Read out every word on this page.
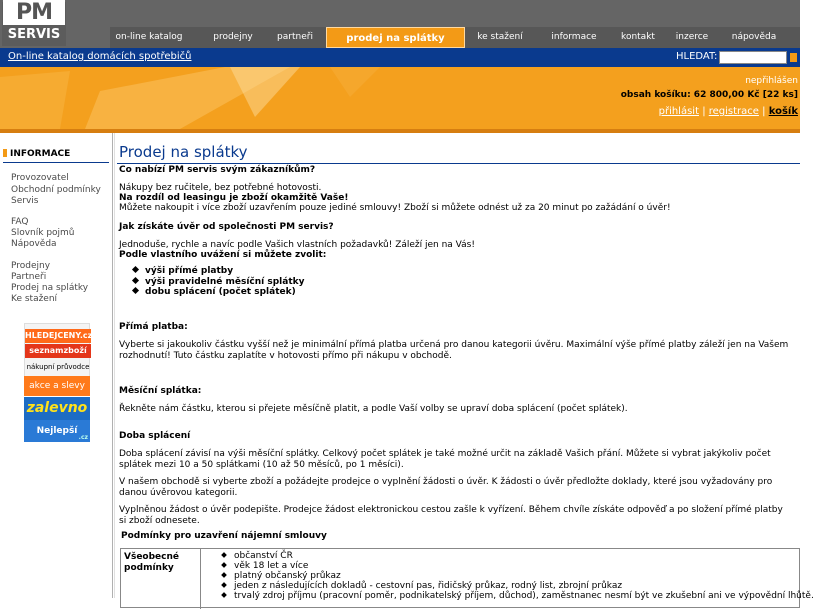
PM
SERVIS	on-line katalog	prodejny	partneři	prodej na splátky	ke stažení	informace	kontakt	inzerce	nápověda
On-line katalog domácích spotřebičů	HLEDAT:
nepřihlášen
obsah košíku: 62 800,00 Kč [22 ks]
přihlásit | registrace | košík
INFORMACE
Provozovatel
Obchodní podmínky
Servis
FAQ
Slovník pojmů
Nápověda
Prodejny
Partneři
Prodej na splátky
Ke stažení
HLEDEJCENY.cz
seznamzboží
nákupní průvodce
akce a slevy
zalevno
Nejlepší Ceny
.cz
Prodej na splátky
Co nabízí PM servis svým zákazníkům?
Nákupy bez ručitele, bez potřebné hotovosti.
Na rozdíl od leasingu je zboží okamžitě Vaše!
Můžete nakoupit i více zboží uzavřením pouze jediné smlouvy! Zboží si můžete odnést už za 20 minut po zažádání o úvěr!
Jak získáte úvěr od společnosti PM servis?
Jednoduše, rychle a navíc podle Vašich vlastních požadavků! Záleží jen na Vás!
Podle vlastního uvážení si můžete zvolit:
výši přímé platby
výši pravidelné měsíční splátky
dobu splácení (počet splátek)
Přímá platba:
Vyberte si jakoukoliv částku vyšší než je minimální přímá platba určená pro danou kategorii úvěru. Maximální výše přímé platby záleží jen na Vašem rozhodnutí! Tuto částku zaplatíte v hotovosti přímo při nákupu v obchodě.
Měsíční splátka:
Řekněte nám částku, kterou si přejete měsíčně platit, a podle Vaší volby se upraví doba splácení (počet splátek).
Doba splácení
Doba splácení závisí na výši měsíční splátky. Celkový počet splátek je také možné určit na základě Vašich přání. Můžete si vybrat jakýkoliv počet splátek mezi 10 a 50 splátkami (10 až 50 měsíců, po 1 měsíci).
V našem obchodě si vyberte zboží a požádejte prodejce o vyplnění žádosti o úvěr. K žádosti o úvěr předložte doklady, které jsou vyžadovány pro danou úvěrovou kategorii.
Vyplněnou žádost o úvěr podepište. Prodejce žádost elektronickou cestou zašle k vyřízení. Během chvíle získáte odpověď a po složení přímé platby si zboží odnesete.
Podmínky pro uzavření nájemní smlouvy
Všeobecné podmínky
občanství ČR
věk 18 let a více
platný občanský průkaz
jeden z následujících dokladů - cestovní pas, řidičský průkaz, rodný list, zbrojní průkaz
trvalý zdroj příjmu (pracovní poměr, podnikatelský příjem, důchod), zaměstnanec nesmí být ve zkušební ani ve výpovědní lhůtě.
